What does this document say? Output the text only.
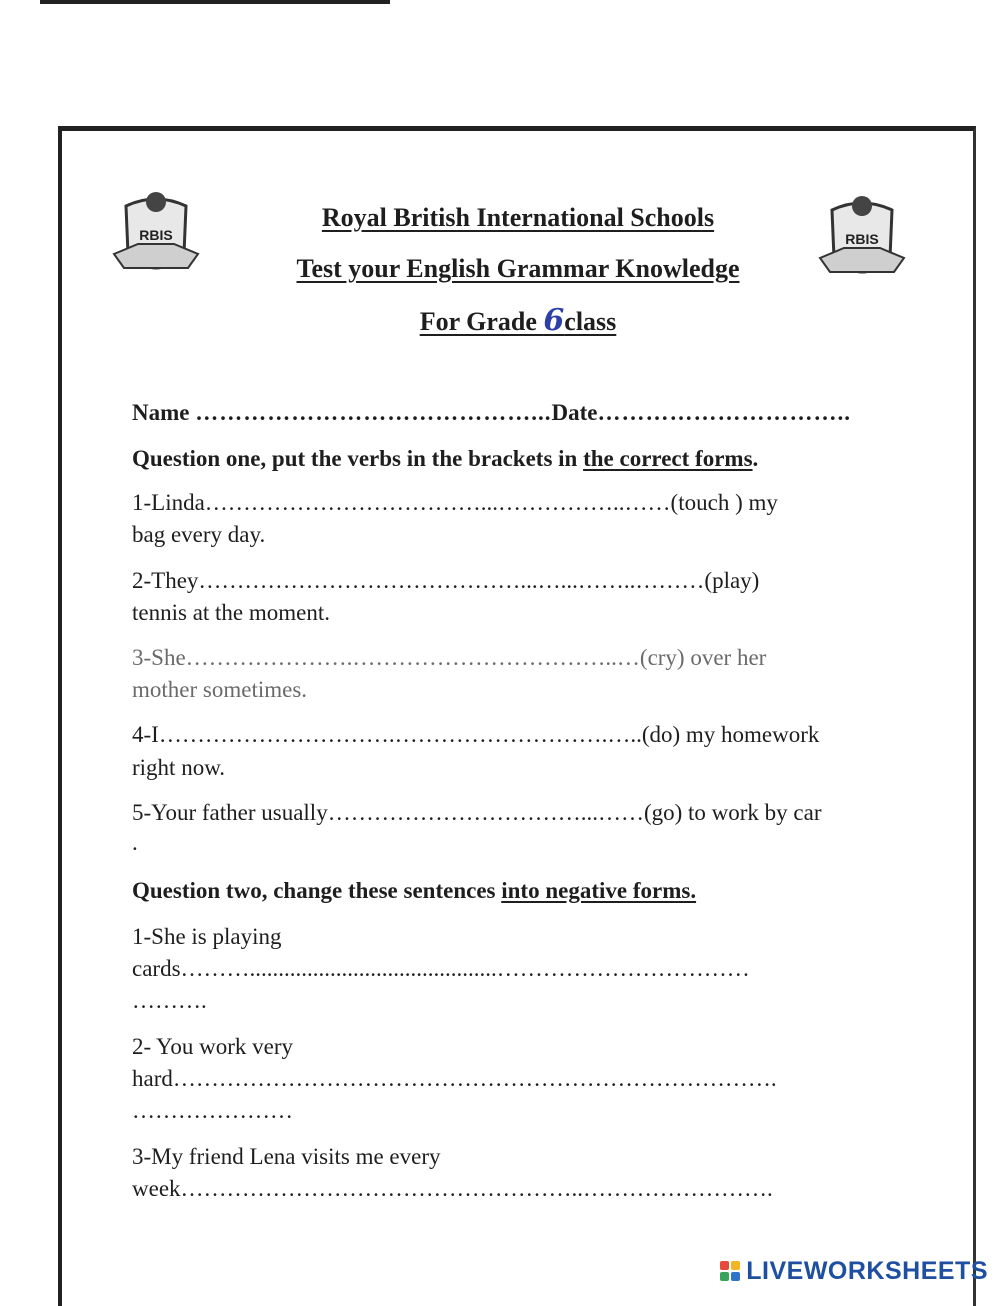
RBIS	RBIS
Royal British International Schools
Test your English Grammar Knowledge
For Grade 6class
Name ……………………………………...Date…………………………..
Question one, put the verbs in the brackets in the correct forms.
1-Linda………………………………...……………..……(touch ) my
bag every day.
2-They……………………………………...…...……..………(play)
tennis at the moment.
3-She………………….……………………………..…(cry) over her
mother sometimes.
4-I………………………….……………………….…..(do) my homework
right now.
5-Your father usually……………………………...……(go) to work by car
.
Question two, change these sentences into negative forms.
1-She is playing
cards………...........................................……………………………
……….
2- You work very
hard…………………………………………………………………….
…………………
3-My friend Lena visits me every
week……………………………………………..…………………….
LIVEWORKSHEETS
